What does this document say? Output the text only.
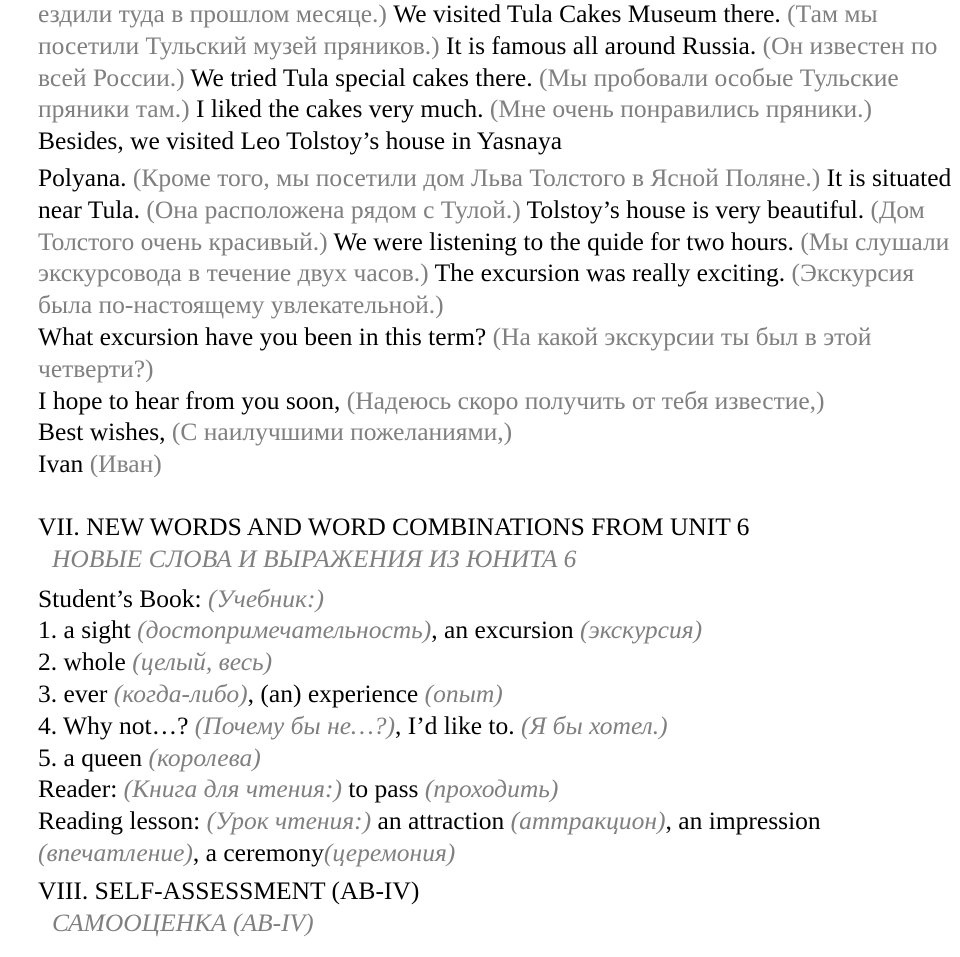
ездили туда в прошлом месяце.) We visited Tula Cakes Museum there. (Там мы посетили Тульский музей пряников.) It is famous all around Russia. (Он известен по всей России.) We tried Tula special cakes there. (Мы пробовали особые Тульские пряники там.) I liked the cakes very much. (Мне очень понравились пряники.) Besides, we visited Leo Tolstoy’s house in Yasnaya

Polyana. (Кроме того, мы посетили дом Льва Толстого в Ясной Поляне.) It is situated near Tula. (Она расположена рядом с Тулой.) Tolstoy’s house is very beautiful. (Дом Толстого очень красивый.) We were listening to the quide for two hours. (Мы слушали экскурсовода в течение двух часов.) The excursion was really exciting. (Экскурсия была по-настоящему увлекательной.)

What excursion have you been in this term? (На какой экскурсии ты был в этой четверти?)

I hope to hear from you soon, (Надеюсь скоро получить от тебя известие,)

Best wishes, (С наилучшими пожеланиями,)

Ivan (Иван)

VII. NEW WORDS AND WORD COMBINATIONS FROM UNIT 6

НОВЫЕ СЛОВА И ВЫРАЖЕНИЯ ИЗ ЮНИТА 6

Student’s Book: (Учебник:)

1. a sight (достопримечательность), an excursion (экскурсия)

2. whole (целый, весь)

3. ever (когда-либо), (an) experience (опыт)

4. Why not…? (Почему бы не…?), I’d like to. (Я бы хотел.)

5. a queen (королева)

Reader: (Книга для чтения:) to pass (проходить)

Reading lesson: (Урок чтения:) an attraction (аттракцион), an impression (впечатление), a ceremony(церемония)

VIII. SELF-ASSESSMENT (AB-IV)

САМООЦЕНКА (AB-IV)
